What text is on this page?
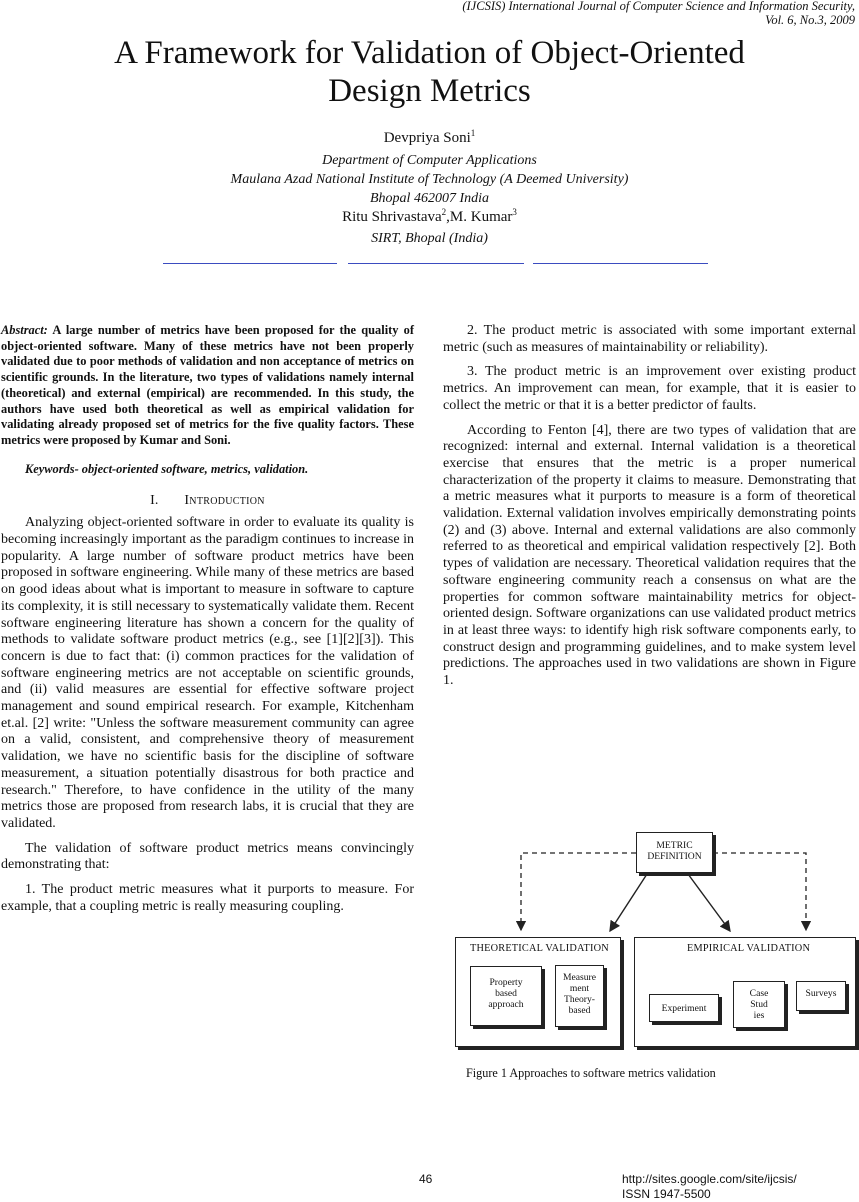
(IJCSIS) International Journal of Computer Science and Information Security,
Vol. 6, No.3, 2009
A Framework for Validation of Object-Oriented
Design Metrics
Devpriya Soni$^1$
Department of Computer Applications
Maulana Azad National Institute of Technology (A Deemed University)
Bhopal 462007 India
Ritu Shrivastava$^2$,M. Kumar$^3$
SIRT, Bhopal (India)

Abstract: A large number of metrics have been proposed for the quality of object-oriented software. Many of these metrics have not been properly validated due to poor methods of validation and non acceptance of metrics on scientific grounds. In the literature, two types of validations namely internal (theoretical) and external (empirical) are recommended. In this study, the authors have used both theoretical as well as empirical validation for validating already proposed set of metrics for the five quality factors. These metrics were proposed by Kumar and Soni.

Keywords- object-oriented software, metrics, validation.

I. Introduction

Analyzing object-oriented software in order to evaluate its quality is becoming increasingly important as the paradigm continues to increase in popularity. A large number of software product metrics have been proposed in software engineering. While many of these metrics are based on good ideas about what is important to measure in software to capture its complexity, it is still necessary to systematically validate them. Recent software engineering literature has shown a concern for the quality of methods to validate software product metrics (e.g., see [1][2][3]). This concern is due to fact that: (i) common practices for the validation of software engineering metrics are not acceptable on scientific grounds, and (ii) valid measures are essential for effective software project management and sound empirical research. For example, Kitchenham et.al. [2] write: "Unless the software measurement community can agree on a valid, consistent, and comprehensive theory of measurement validation, we have no scientific basis for the discipline of software measurement, a situation potentially disastrous for both practice and research." Therefore, to have confidence in the utility of the many metrics those are proposed from research labs, it is crucial that they are validated.

The validation of software product metrics means convincingly demonstrating that:

1. The product metric measures what it purports to measure. For example, that a coupling metric is really measuring coupling.

2. The product metric is associated with some important external metric (such as measures of maintainability or reliability).

3. The product metric is an improvement over existing product metrics. An improvement can mean, for example, that it is easier to collect the metric or that it is a better predictor of faults.

According to Fenton [4], there are two types of validation that are recognized: internal and external. Internal validation is a theoretical exercise that ensures that the metric is a proper numerical characterization of the property it claims to measure. Demonstrating that a metric measures what it purports to measure is a form of theoretical validation. External validation involves empirically demonstrating points (2) and (3) above. Internal and external validations are also commonly referred to as theoretical and empirical validation respectively [2]. Both types of validation are necessary. Theoretical validation requires that the software engineering community reach a consensus on what are the properties for common software maintainability metrics for object-oriented design. Software organizations can use validated product metrics in at least three ways: to identify high risk software components early, to construct design and programming guidelines, and to make system level predictions. The approaches used in two validations are shown in Figure 1.

METRIC
DEFINITION
THEORETICAL VALIDATION	EMPIRICAL VALIDATION
Property
based
approach
Measure
ment
Theory-
based	Experiment
Case
Stud
ies
Surveys
Figure 1 Approaches to software metrics validation
46	http://sites.google.com/site/ijcsis/
ISSN 1947-5500
